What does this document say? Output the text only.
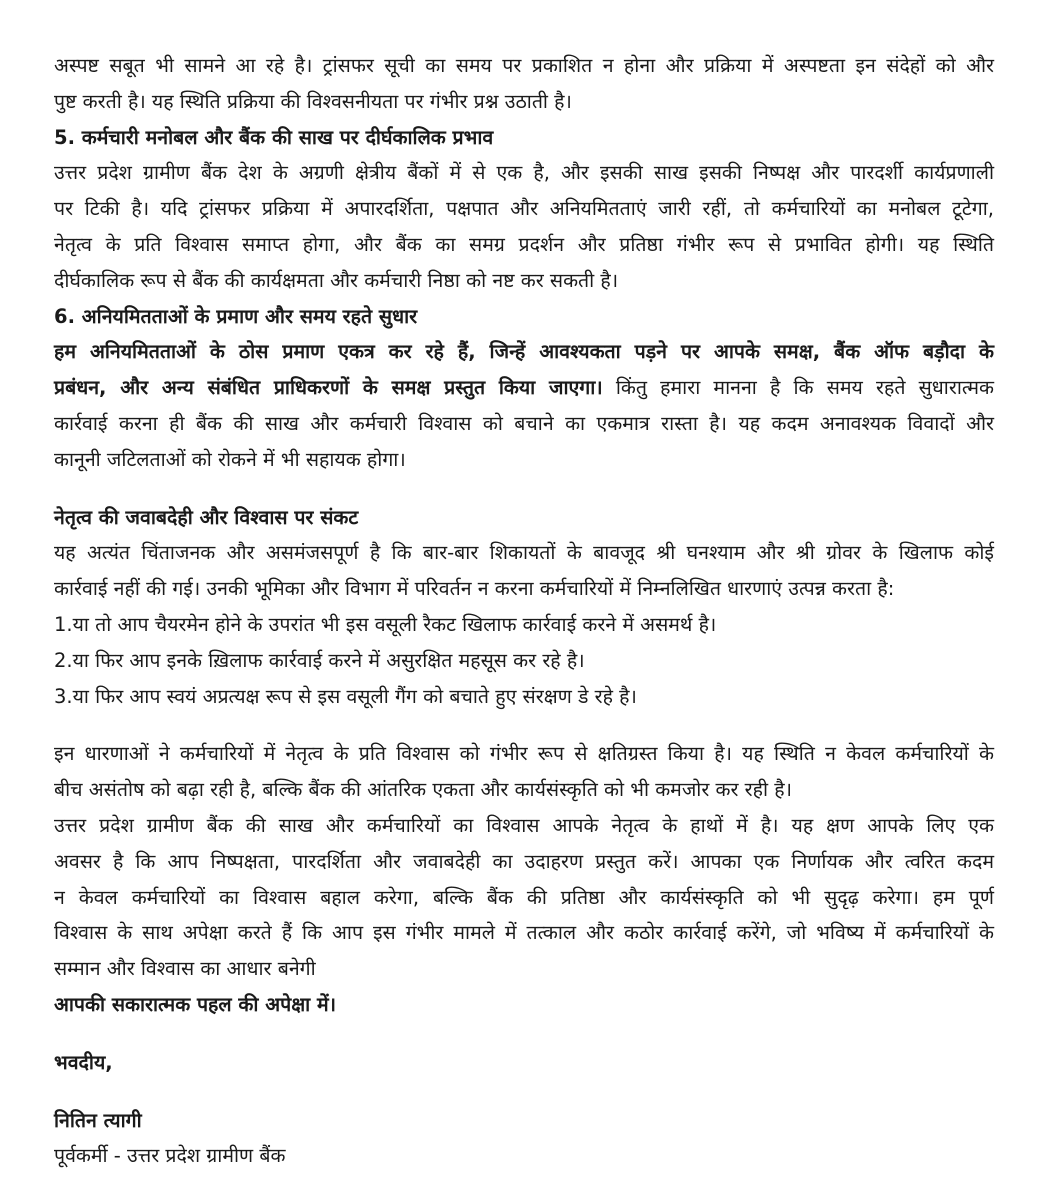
अस्पष्ट सबूत भी सामने आ रहे है। ट्रांसफर सूची का समय पर प्रकाशित न होना और प्रक्रिया में अस्पष्टता इन संदेहों को और
पुष्ट करती है। यह स्थिति प्रक्रिया की विश्वसनीयता पर गंभीर प्रश्न उठाती है।
5. कर्मचारी मनोबल और बैंक की साख पर दीर्घकालिक प्रभाव
उत्तर प्रदेश ग्रामीण बैंक देश के अग्रणी क्षेत्रीय बैंकों में से एक है, और इसकी साख इसकी निष्पक्ष और पारदर्शी कार्यप्रणाली
पर टिकी है। यदि ट्रांसफर प्रक्रिया में अपारदर्शिता, पक्षपात और अनियमितताएं जारी रहीं, तो कर्मचारियों का मनोबल टूटेगा,
नेतृत्व के प्रति विश्वास समाप्त होगा, और बैंक का समग्र प्रदर्शन और प्रतिष्ठा गंभीर रूप से प्रभावित होगी। यह स्थिति
दीर्घकालिक रूप से बैंक की कार्यक्षमता और कर्मचारी निष्ठा को नष्ट कर सकती है।
6. अनियमितताओं के प्रमाण और समय रहते सुधार
हम अनियमितताओं के ठोस प्रमाण एकत्र कर रहे हैं, जिन्हें आवश्यकता पड़ने पर आपके समक्ष, बैंक ऑफ बड़ौदा के
प्रबंधन, और अन्य संबंधित प्राधिकरणों के समक्ष प्रस्तुत किया जाएगा। किंतु हमारा मानना है कि समय रहते सुधारात्मक
कार्रवाई करना ही बैंक की साख और कर्मचारी विश्वास को बचाने का एकमात्र रास्ता है। यह कदम अनावश्यक विवादों और
कानूनी जटिलताओं को रोकने में भी सहायक होगा।
नेतृत्व की जवाबदेही और विश्वास पर संकट
यह अत्यंत चिंताजनक और असमंजसपूर्ण है कि बार-बार शिकायतों के बावजूद श्री घनश्याम और श्री ग्रोवर के खिलाफ कोई
कार्रवाई नहीं की गई। उनकी भूमिका और विभाग में परिवर्तन न करना कर्मचारियों में निम्नलिखित धारणाएं उत्पन्न करता है:
1.या तो आप चैयरमेन होने के उपरांत भी इस वसूली रैकट खिलाफ कार्रवाई करने में असमर्थ है।
2.या फिर आप इनके ख़िलाफ कार्रवाई करने में असुरक्षित महसूस कर रहे है।
3.या फिर आप स्वयं अप्रत्यक्ष रूप से इस वसूली गैंग को बचाते हुए संरक्षण डे रहे है।
इन धारणाओं ने कर्मचारियों में नेतृत्व के प्रति विश्वास को गंभीर रूप से क्षतिग्रस्त किया है। यह स्थिति न केवल कर्मचारियों के
बीच असंतोष को बढ़ा रही है, बल्कि बैंक की आंतरिक एकता और कार्यसंस्कृति को भी कमजोर कर रही है।
उत्तर प्रदेश ग्रामीण बैंक की साख और कर्मचारियों का विश्वास आपके नेतृत्व के हाथों में है। यह क्षण आपके लिए एक
अवसर है कि आप निष्पक्षता, पारदर्शिता और जवाबदेही का उदाहरण प्रस्तुत करें। आपका एक निर्णायक और त्वरित कदम
न केवल कर्मचारियों का विश्वास बहाल करेगा, बल्कि बैंक की प्रतिष्ठा और कार्यसंस्कृति को भी सुदृढ़ करेगा। हम पूर्ण
विश्वास के साथ अपेक्षा करते हैं कि आप इस गंभीर मामले में तत्काल और कठोर कार्रवाई करेंगे, जो भविष्य में कर्मचारियों के
सम्मान और विश्वास का आधार बनेगी
आपकी सकारात्मक पहल की अपेक्षा में।
भवदीय,
नितिन त्यागी
पूर्वकर्मी - उत्तर प्रदेश ग्रामीण बैंक
